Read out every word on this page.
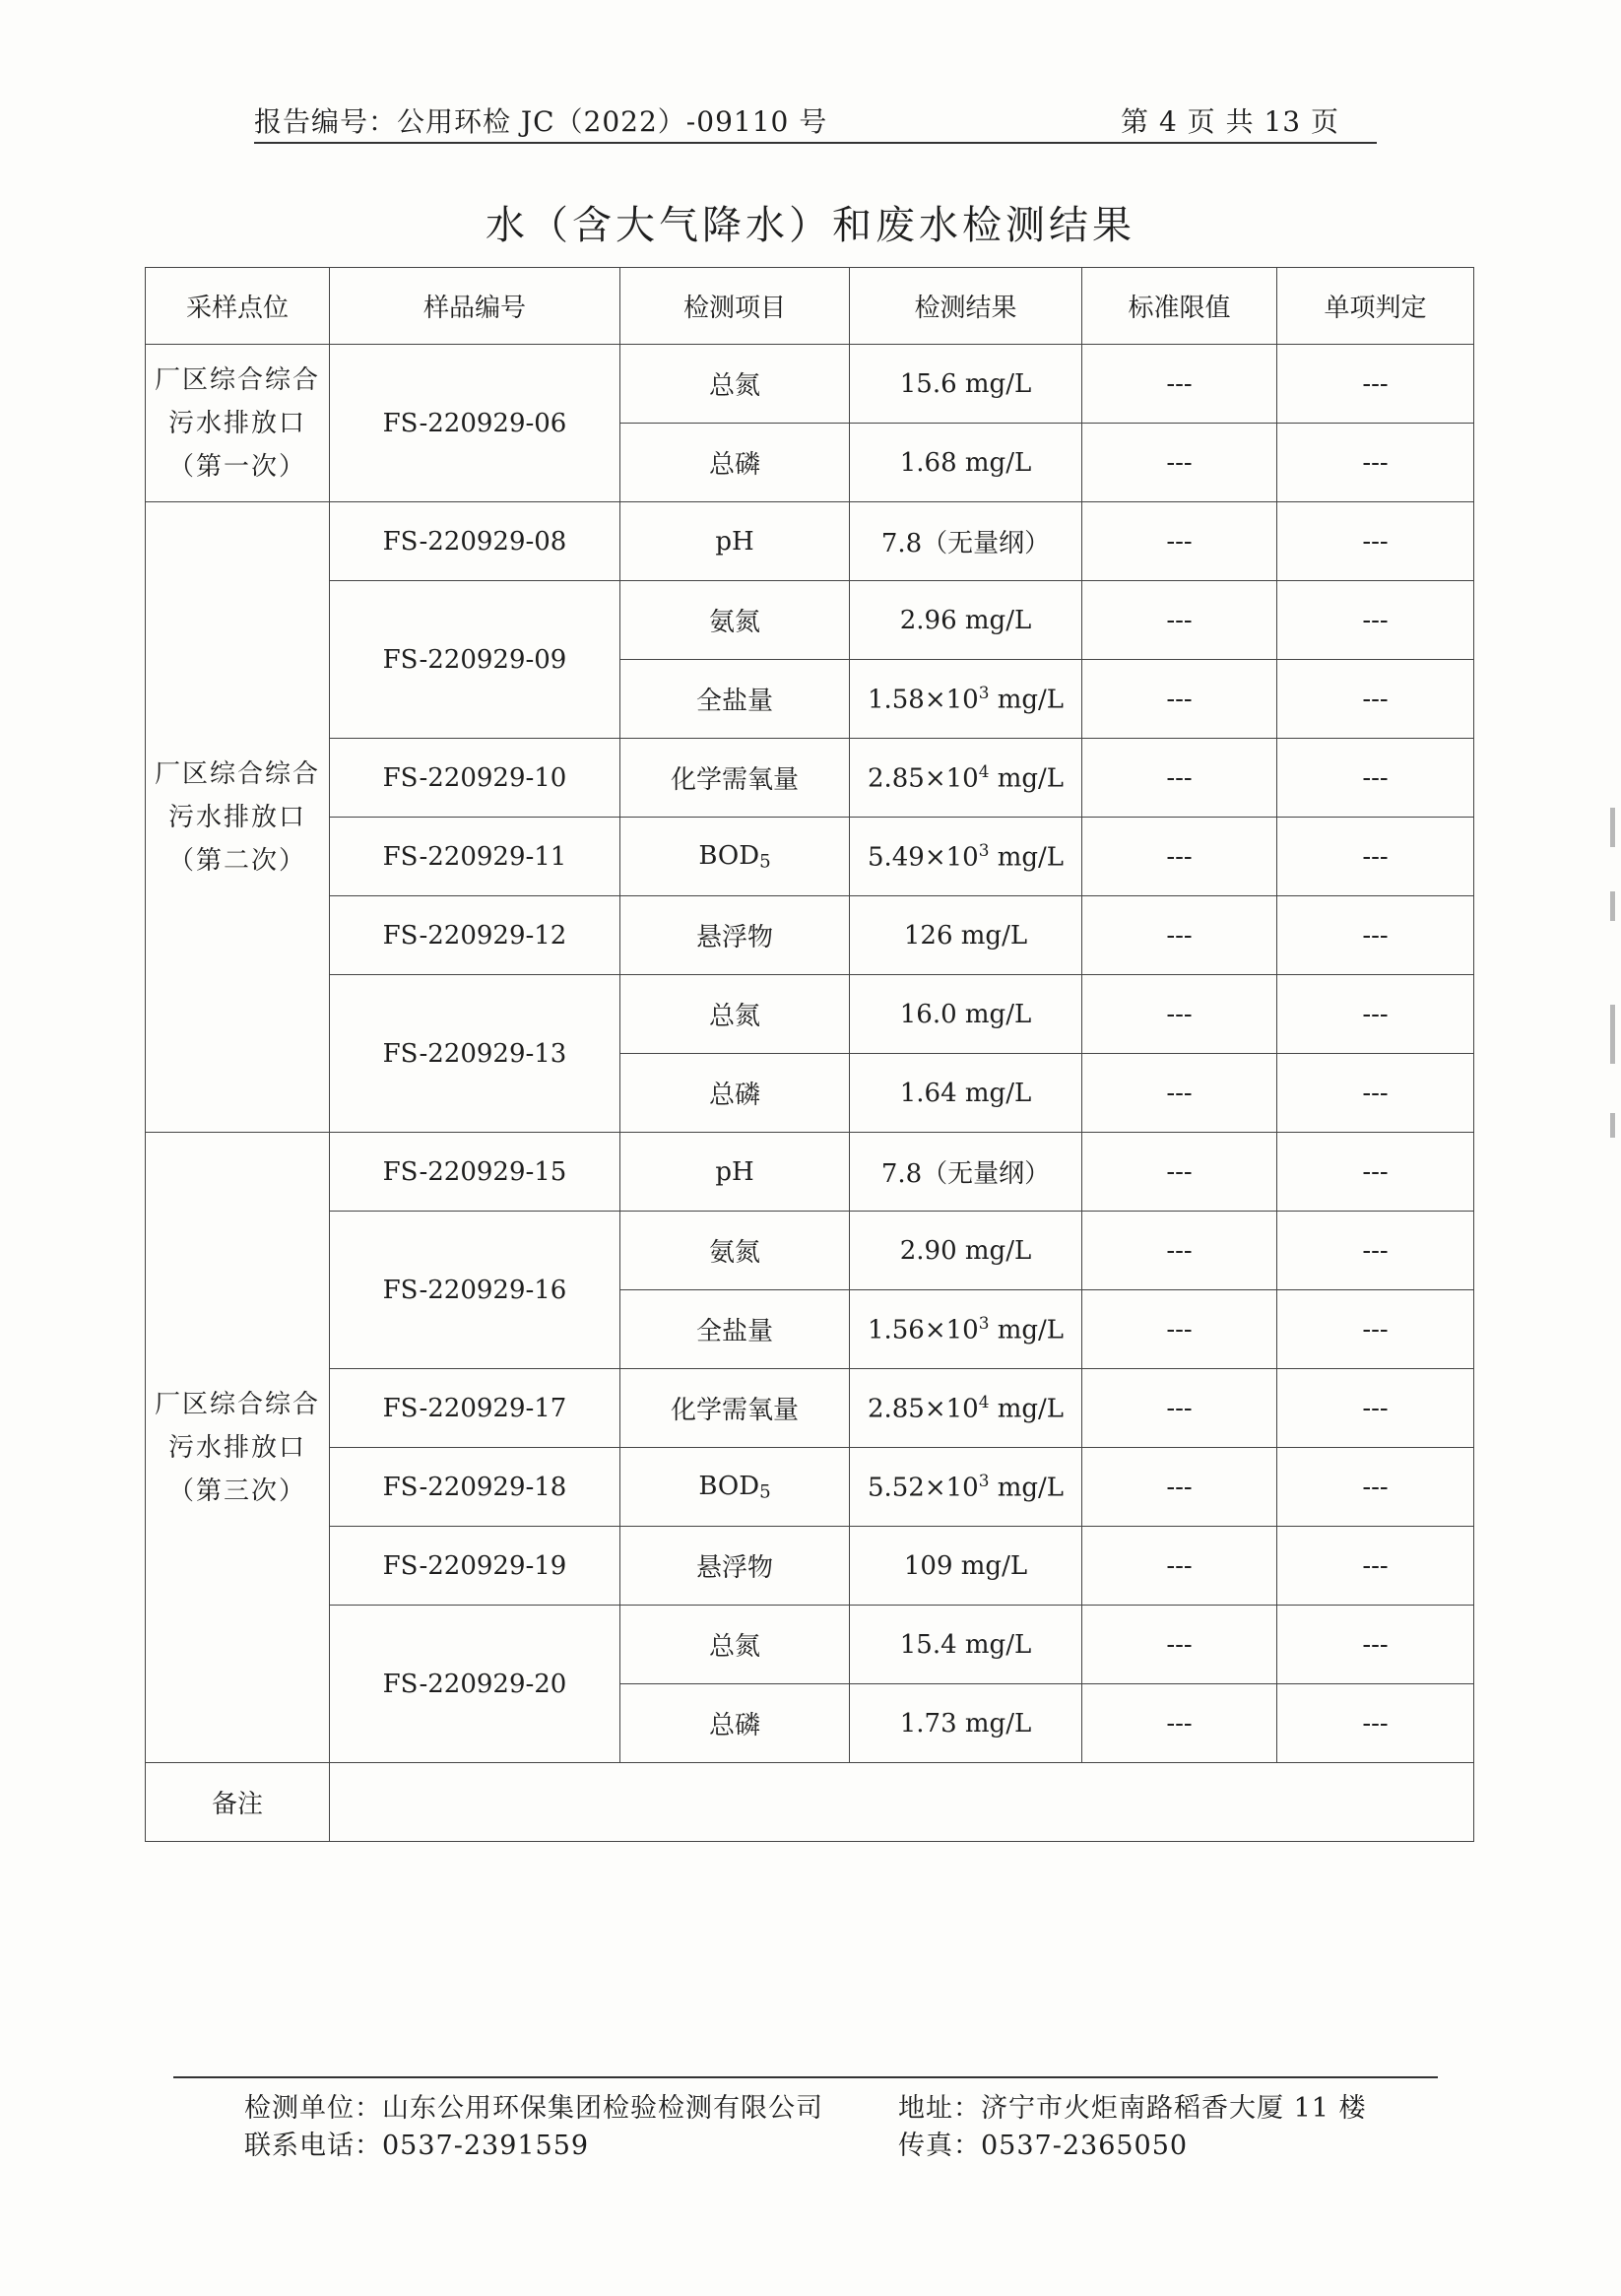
报告编号：公用环检 JC（2022）-09110 号	第 4 页 共 13 页
水（含大气降水）和废水检测结果
采样点位	样品编号	检测项目	检测结果	标准限值	单项判定
厂区综合综合污水排放口（第一次）	FS-220929-06	总氮	15.6 mg/L	---	---
		总磷	1.68 mg/L	---	---
厂区综合综合污水排放口（第二次）	FS-220929-08	pH	7.8（无量纲）	---	---
	FS-220929-09	氨氮	2.96 mg/L	---	---
		全盐量	$1.58\times 10^3$ mg/L	---	---
	FS-220929-10	化学需氧量	$2.85\times 10^4$ mg/L	---	---
	FS-220929-11	$BOD_5$	$5.49\times 10^3$ mg/L	---	---
	FS-220929-12	悬浮物	126 mg/L	---	---
	FS-220929-13	总氮	16.0 mg/L	---	---
		总磷	1.64 mg/L	---	---
厂区综合综合污水排放口（第三次）	FS-220929-15	pH	7.8（无量纲）	---	---
	FS-220929-16	氨氮	2.90 mg/L	---	---
		全盐量	$1.56\times 10^3$ mg/L	---	---
	FS-220929-17	化学需氧量	$2.85\times 10^4$ mg/L	---	---
	FS-220929-18	$BOD_5$	$5.52\times 10^3$ mg/L	---	---
	FS-220929-19	悬浮物	109 mg/L	---	---
	FS-220929-20	总氮	15.4 mg/L	---	---
		总磷	1.73 mg/L	---	---
备注					
检测单位：山东公用环保集团检验检测有限公司	地址：济宁市火炬南路稻香大厦 11 楼
联系电话：0537-2391559	传真：0537-2365050
